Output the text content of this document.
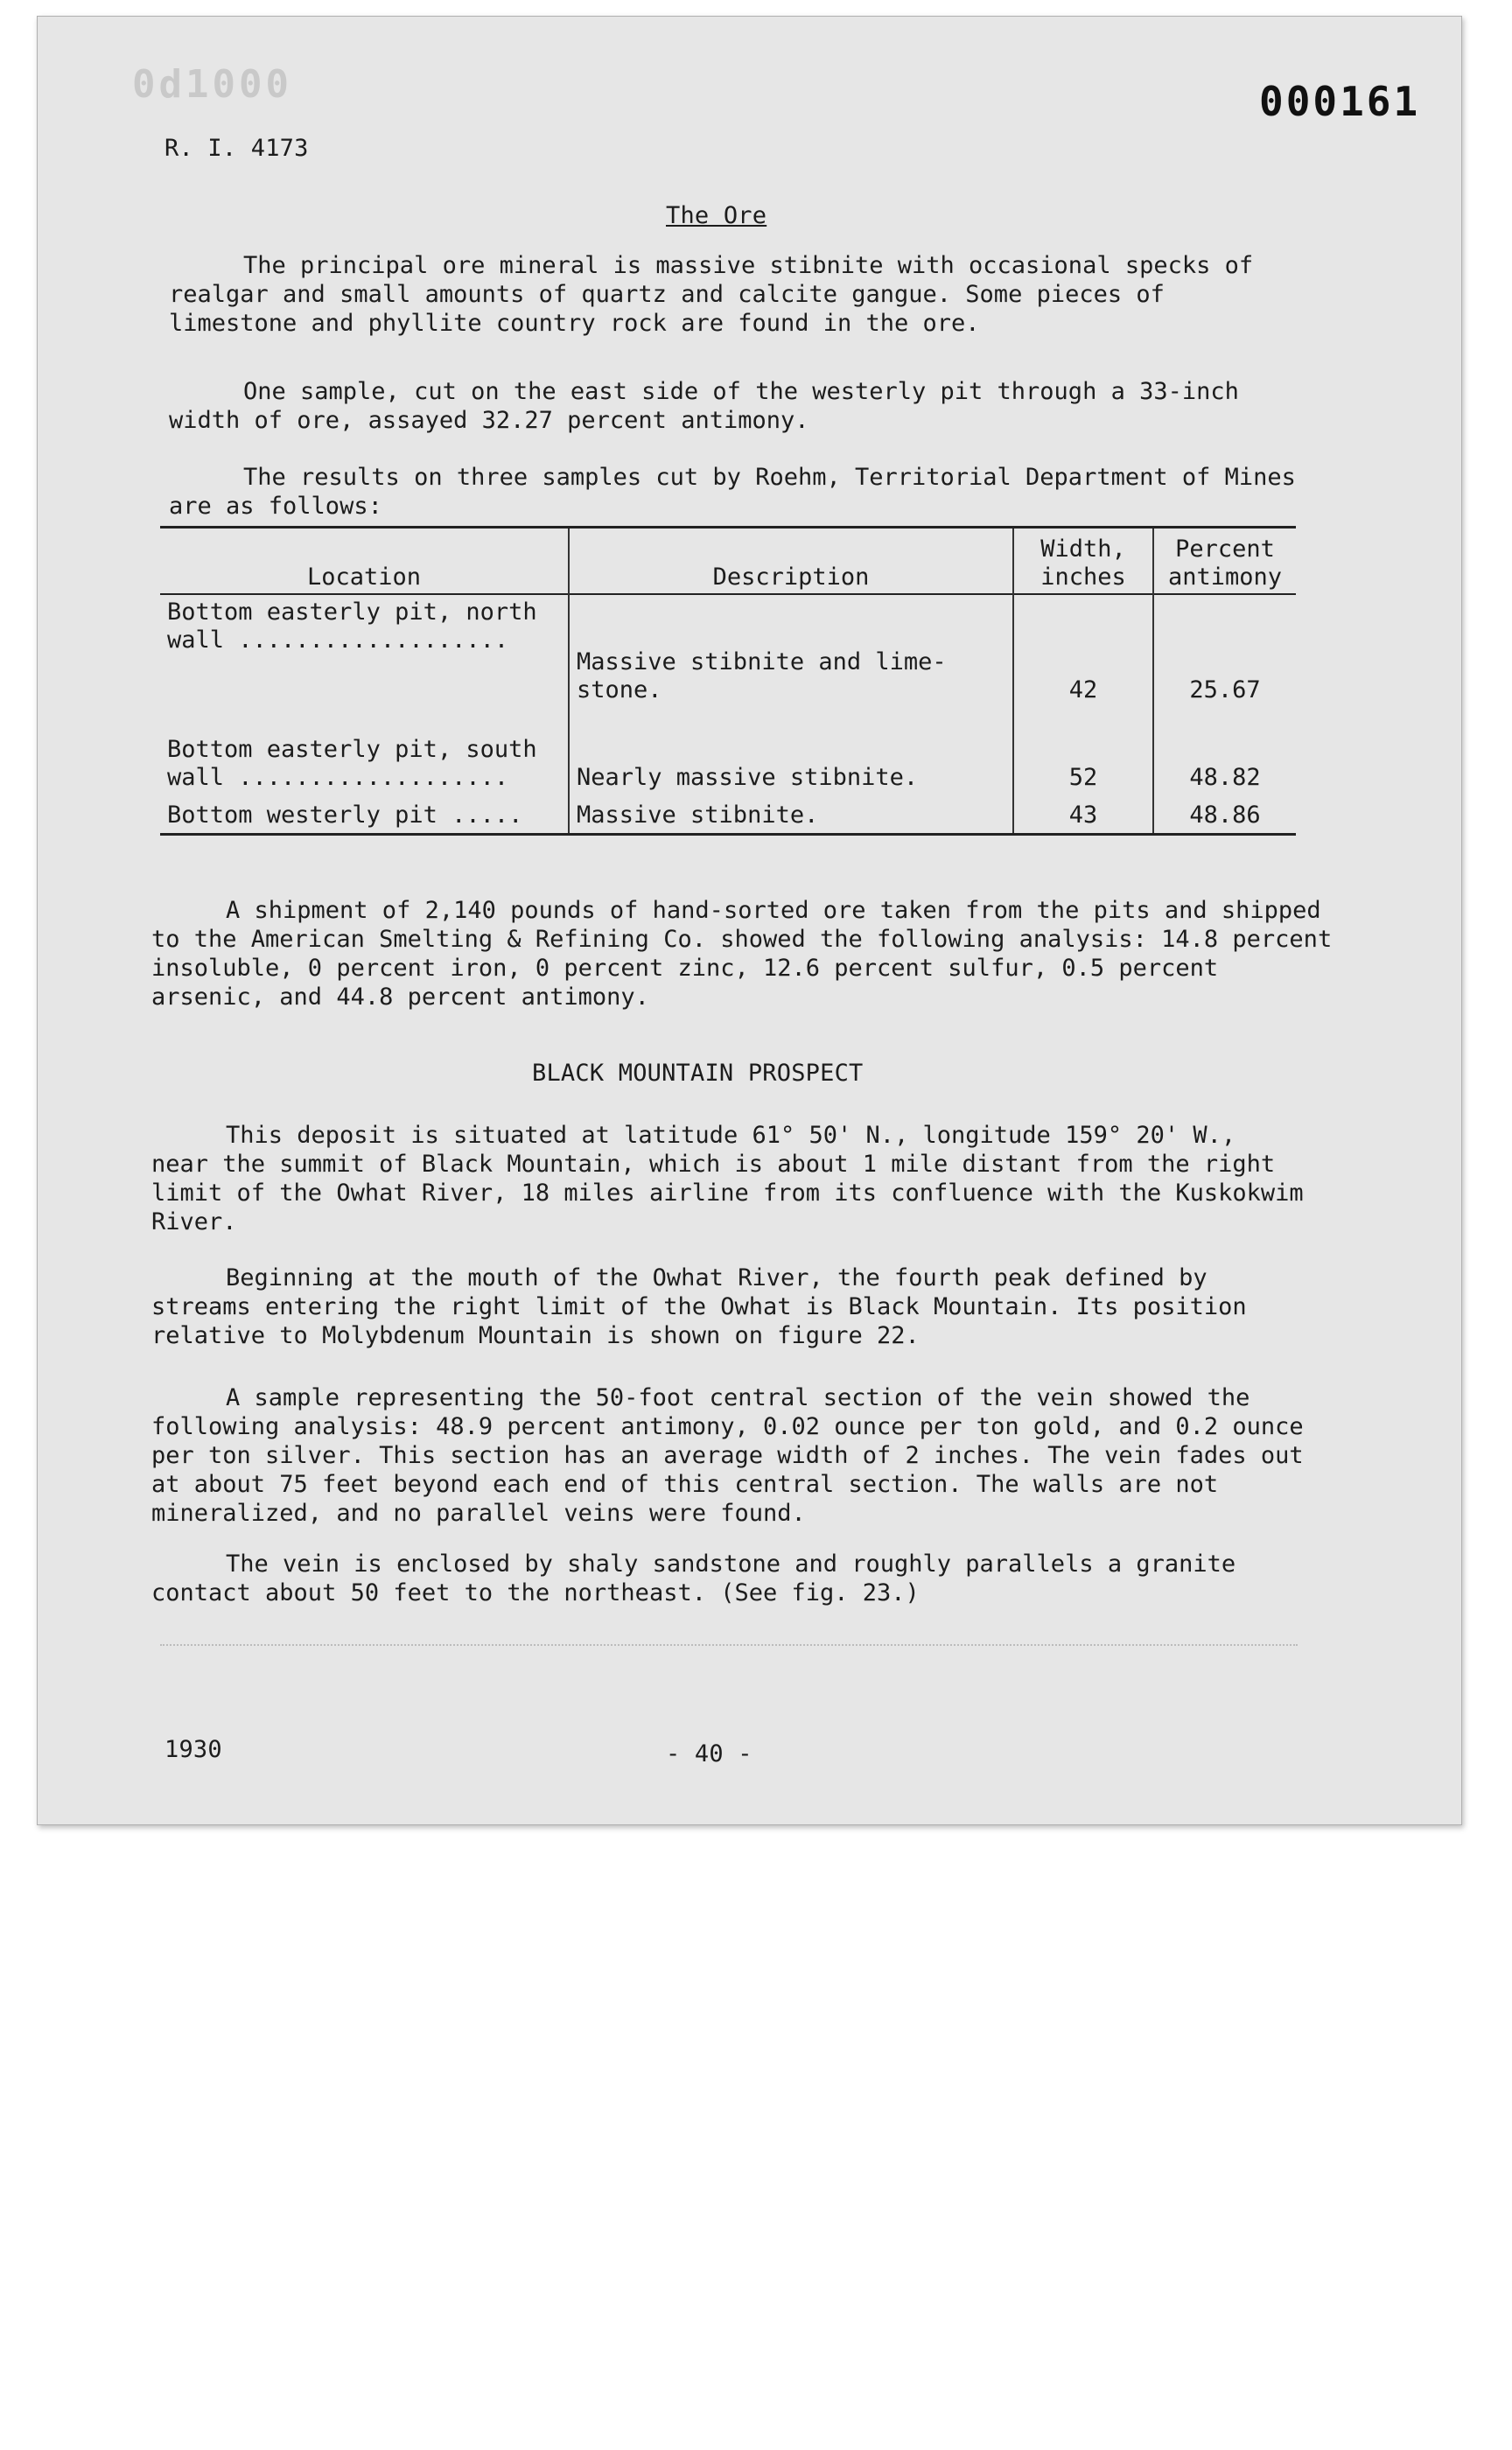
0d1000	000161
R. I. 4173
The Ore

The principal ore mineral is massive stibnite with occasional specks of realgar and small amounts of quartz and calcite gangue. Some pieces of limestone and phyllite country rock are found in the ore.

One sample, cut on the east side of the westerly pit through a 33-inch width of ore, assayed 32.27 percent antimony.

The results on three samples cut by Roehm, Territorial Department of Mines are as follows:

Location	Description	Width, inches	Percent antimony
Bottom easterly pit, north wall ...................	Massive stibnite and lime- stone.	42	25.67
Bottom easterly pit, south wall ...................	Nearly massive stibnite.	52	48.82
Bottom westerly pit .....	Massive stibnite.	43	48.86

A shipment of 2,140 pounds of hand-sorted ore taken from the pits and shipped to the American Smelting & Refining Co. showed the following analysis: 14.8 percent insoluble, 0 percent iron, 0 percent zinc, 12.6 percent sulfur, 0.5 percent arsenic, and 44.8 percent antimony.

BLACK MOUNTAIN PROSPECT

This deposit is situated at latitude 61° 50' N., longitude 159° 20' W., near the summit of Black Mountain, which is about 1 mile distant from the right limit of the Owhat River, 18 miles airline from its confluence with the Kuskokwim River.

Beginning at the mouth of the Owhat River, the fourth peak defined by streams entering the right limit of the Owhat is Black Mountain. Its position relative to Molybdenum Mountain is shown on figure 22.

A sample representing the 50-foot central section of the vein showed the following analysis: 48.9 percent antimony, 0.02 ounce per ton gold, and 0.2 ounce per ton silver. This section has an average width of 2 inches. The vein fades out at about 75 feet beyond each end of this central section. The walls are not mineralized, and no parallel veins were found.

The vein is enclosed by shaly sandstone and roughly parallels a granite contact about 50 feet to the northeast. (See fig. 23.)

1930	- 40 -
